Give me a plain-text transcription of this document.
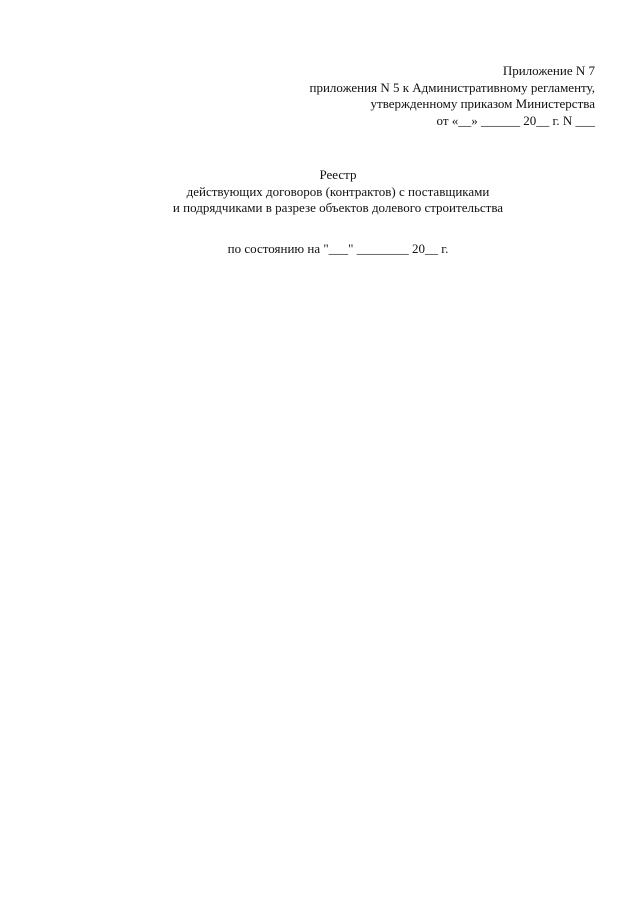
Приложение N 7
приложения N 5 к Административному регламенту,
утвержденному приказом Министерства
от «__» ______ 20__ г. N ___
Реестр
действующих договоров (контрактов) с поставщиками
и подрядчиками в разрезе объектов долевого строительства
по состоянию на "___" ________ 20__ г.
